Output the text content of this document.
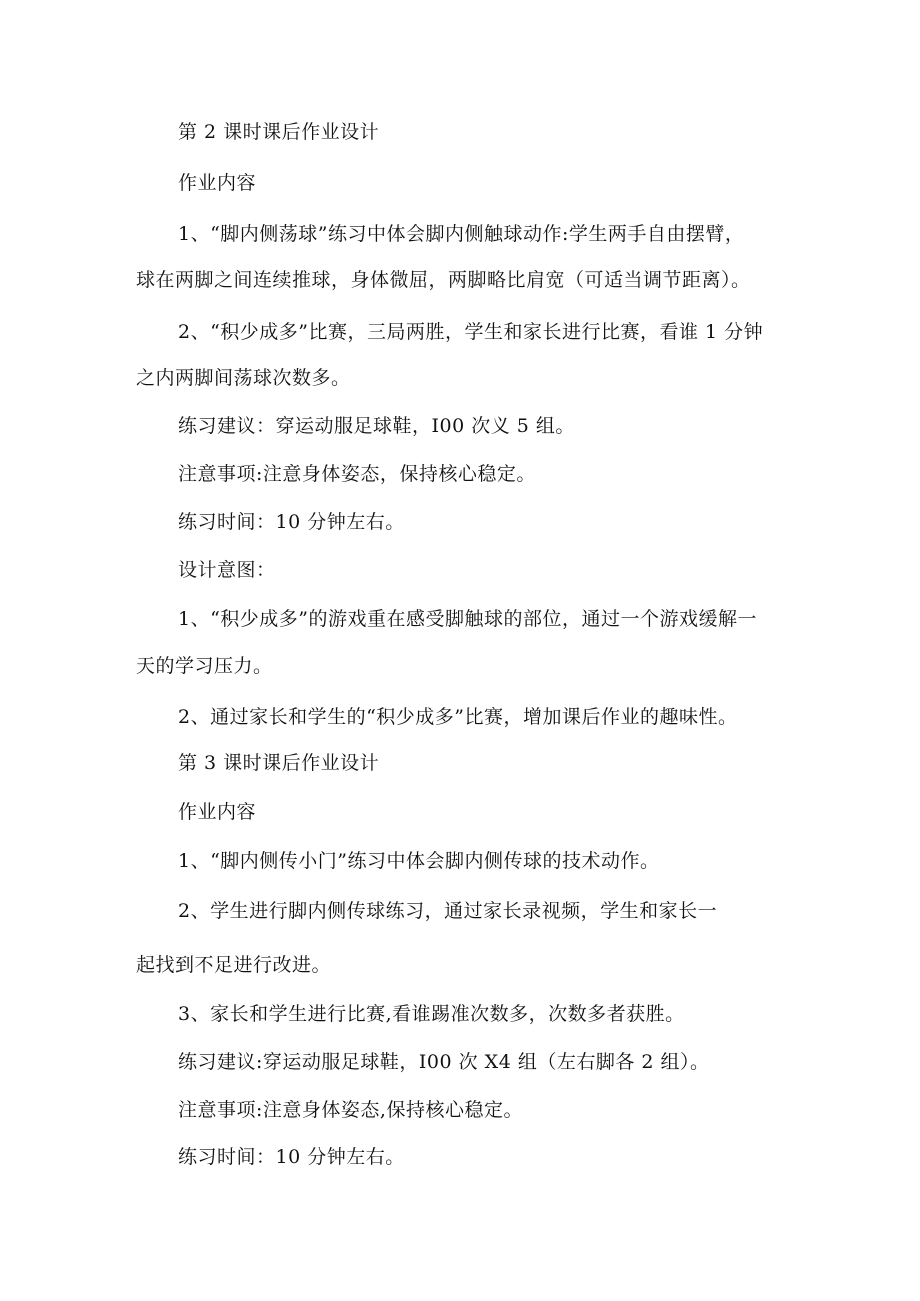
第 2 课时课后作业设计
作业内容
1、“脚内侧荡球”练习中体会脚内侧触球动作:学生两手自由摆臂，
球在两脚之间连续推球，身体微屈，两脚略比肩宽（可适当调节距离）。
2、“积少成多”比赛，三局两胜，学生和家长进行比赛，看谁 1 分钟
之内两脚间荡球次数多。
练习建议：穿运动服足球鞋，I00 次义 5 组。
注意事项:注意身体姿态，保持核心稳定。
练习时间：10 分钟左右。
设计意图：
1、“积少成多”的游戏重在感受脚触球的部位，通过一个游戏缓解一
天的学习压力。
2、通过家长和学生的“积少成多”比赛，增加课后作业的趣味性。
第 3 课时课后作业设计
作业内容
1、“脚内侧传小门”练习中体会脚内侧传球的技术动作。
2、学生进行脚内侧传球练习，通过家长录视频，学生和家长一
起找到不足进行改进。
3、家长和学生进行比赛,看谁踢准次数多，次数多者获胜。
练习建议:穿运动服足球鞋，I00 次 X4 组（左右脚各 2 组）。
注意事项:注意身体姿态,保持核心稳定。
练习时间：10 分钟左右。
